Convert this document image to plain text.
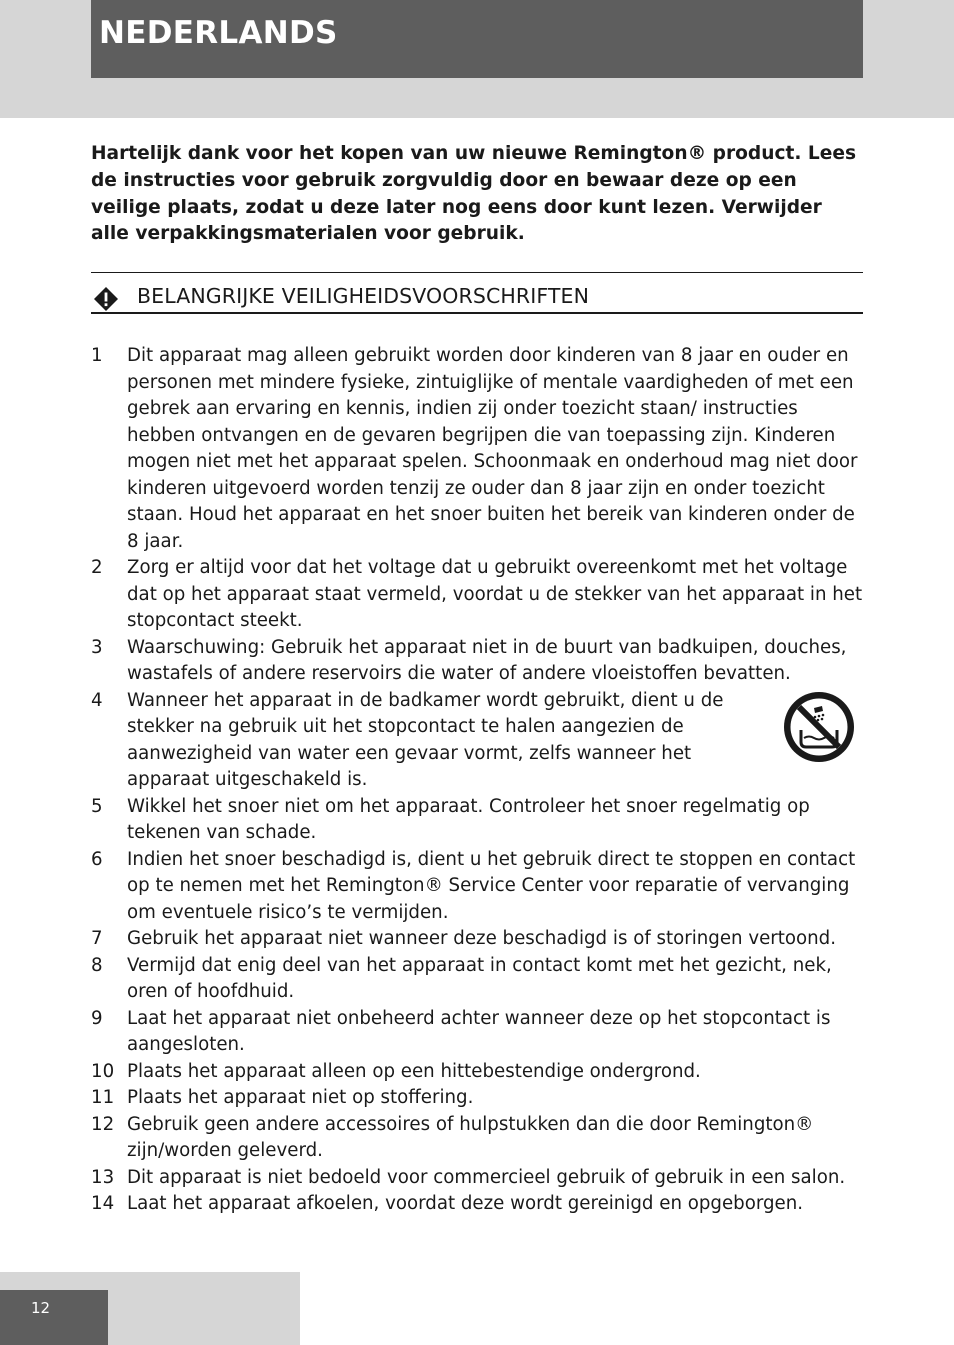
NEDERLANDS

Hartelijk dank voor het kopen van uw nieuwe Remington® product. Lees de instructies voor gebruik zorgvuldig door en bewaar deze op een veilige plaats, zodat u deze later nog eens door kunt lezen. Verwijder alle verpakkingsmaterialen voor gebruik.

BELANGRIJKE VEILIGHEIDSVOORSCHRIFTEN
1 Dit apparaat mag alleen gebruikt worden door kinderen van 8 jaar en ouder en personen met mindere fysieke, zintuiglijke of mentale vaardigheden of met een gebrek aan ervaring en kennis, indien zij onder toezicht staan/ instructies hebben ontvangen en de gevaren begrijpen die van toepassing zijn. Kinderen mogen niet met het apparaat spelen. Schoonmaak en onderhoud mag niet door kinderen uitgevoerd worden tenzij ze ouder dan 8 jaar zijn en onder toezicht staan. Houd het apparaat en het snoer buiten het bereik van kinderen onder de 8 jaar.
2 Zorg er altijd voor dat het voltage dat u gebruikt overeenkomt met het voltage dat op het apparaat staat vermeld, voordat u de stekker van het apparaat in het stopcontact steekt.
3 Waarschuwing: Gebruik het apparaat niet in de buurt van badkuipen, douches, wastafels of andere reservoirs die water of andere vloeistoffen bevatten.
4 Wanneer het apparaat in de badkamer wordt gebruikt, dient u de stekker na gebruik uit het stopcontact te halen aangezien de aanwezigheid van water een gevaar vormt, zelfs wanneer het apparaat uitgeschakeld is.
5 Wikkel het snoer niet om het apparaat. Controleer het snoer regelmatig op tekenen van schade.
6 Indien het snoer beschadigd is, dient u het gebruik direct te stoppen en contact op te nemen met het Remington® Service Center voor reparatie of vervanging om eventuele risico’s te vermijden.
7 Gebruik het apparaat niet wanneer deze beschadigd is of storingen vertoond.
8 Vermijd dat enig deel van het apparaat in contact komt met het gezicht, nek, oren of hoofdhuid.
9 Laat het apparaat niet onbeheerd achter wanneer deze op het stopcontact is aangesloten.
10 Plaats het apparaat alleen op een hittebestendige ondergrond.
11 Plaats het apparaat niet op stoffering.
12 Gebruik geen andere accessoires of hulpstukken dan die door Remington® zijn/worden geleverd.
13 Dit apparaat is niet bedoeld voor commercieel gebruik of gebruik in een salon.
14 Laat het apparaat afkoelen, voordat deze wordt gereinigd en opgeborgen.
12
